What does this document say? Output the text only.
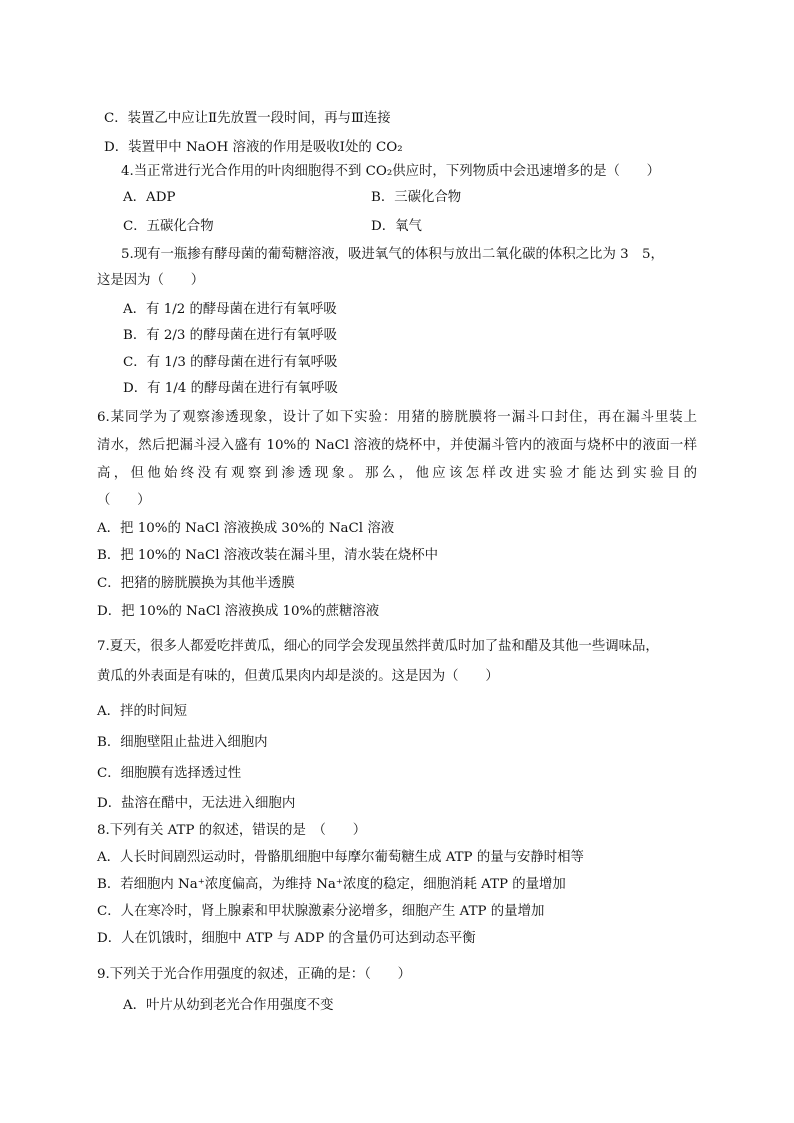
C．装置乙中应让Ⅱ先放置一段时间，再与Ⅲ连接
D．装置甲中 NaOH 溶液的作用是吸收Ⅰ处的 CO₂
4.当正常进行光合作用的叶肉细胞得不到 CO₂供应时，下列物质中会迅速增多的是（　　）
A．ADP	B．三碳化合物
C．五碳化合物	D．氧气
5.现有一瓶掺有酵母菌的葡萄糖溶液，吸进氧气的体积与放出二氧化碳的体积之比为 3　5，
这是因为（　　）
A．有 1/2 的酵母菌在进行有氧呼吸
B．有 2/3 的酵母菌在进行有氧呼吸
C．有 1/3 的酵母菌在进行有氧呼吸
D．有 1/4 的酵母菌在进行有氧呼吸
6.某同学为了观察渗透现象，设计了如下实验：用猪的膀胱膜将一漏斗口封住，再在漏斗里装上
清水，然后把漏斗浸入盛有 10%的 NaCl 溶液的烧杯中，并使漏斗管内的液面与烧杯中的液面一样
高，但他始终没有观察到渗透现象。那么，他应该怎样改进实验才能达到实验目的
（　　）
A．把 10%的 NaCl 溶液换成 30%的 NaCl 溶液
B．把 10%的 NaCl 溶液改装在漏斗里，清水装在烧杯中
C．把猪的膀胱膜换为其他半透膜
D．把 10%的 NaCl 溶液换成 10%的蔗糖溶液
7.夏天，很多人都爱吃拌黄瓜，细心的同学会发现虽然拌黄瓜时加了盐和醋及其他一些调味品，
黄瓜的外表面是有味的，但黄瓜果肉内却是淡的。这是因为（　　）
A．拌的时间短
B．细胞壁阻止盐进入细胞内
C．细胞膜有选择透过性
D．盐溶在醋中，无法进入细胞内
8.下列有关 ATP 的叙述，错误的是　（　　）
A．人长时间剧烈运动时，骨骼肌细胞中每摩尔葡萄糖生成 ATP 的量与安静时相等
B．若细胞内 Na⁺浓度偏高，为维持 Na⁺浓度的稳定，细胞消耗 ATP 的量增加
C．人在寒冷时，肾上腺素和甲状腺激素分泌增多，细胞产生 ATP 的量增加
D．人在饥饿时，细胞中 ATP 与 ADP 的含量仍可达到动态平衡
9.下列关于光合作用强度的叙述，正确的是：（　　）
A．叶片从幼到老光合作用强度不变
